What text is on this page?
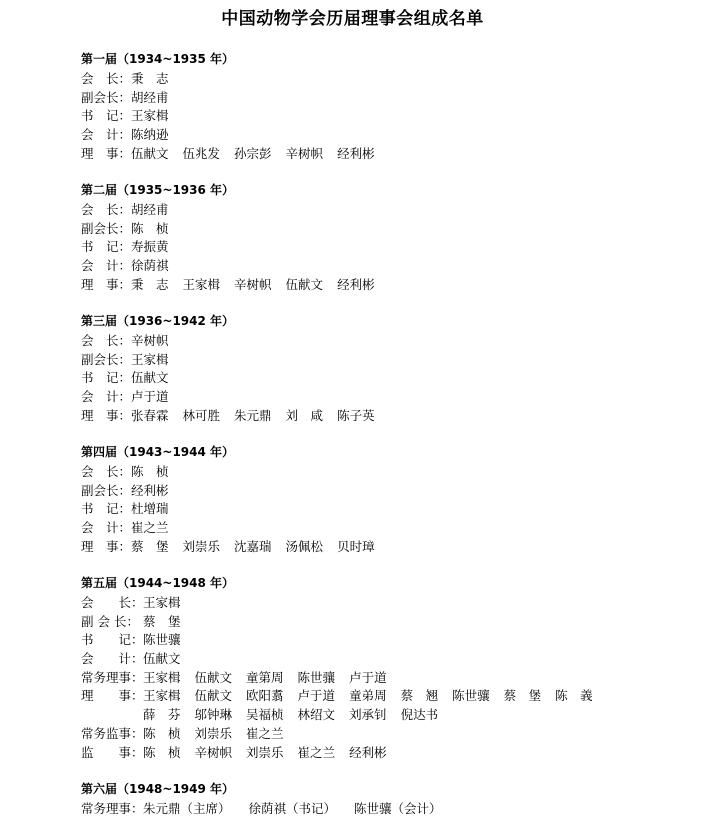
中国动物学会历届理事会组成名单
第一届（1934~1935 年）
会　长： 秉　志
副会长： 胡经甫
书　记： 王家楫
会　计： 陈纳逊
理　事： 伍献文 伍兆发 孙宗彭 辛树帜 经利彬
第二届（1935~1936 年）
会　长： 胡经甫
副会长： 陈　桢
书　记： 寿振黄
会　计： 徐荫祺
理　事： 秉　志 王家楫 辛树帜 伍献文 经利彬
第三届（1936~1942 年）
会　长： 辛树帜
副会长： 王家楫
书　记： 伍献文
会　计： 卢于道
理　事： 张春霖 林可胜 朱元鼎 刘　咸 陈子英
第四届（1943~1944 年）
会　长： 陈　桢
副会长： 经利彬
书　记： 杜增瑞
会　计： 崔之兰
理　事： 蔡　堡 刘崇乐 沈嘉瑞 汤佩松 贝时璋
第五届（1944~1948 年）
会　　长： 王家楫
副 会 长： 蔡　堡
书　　记： 陈世骧
会　　计： 伍献文
常务理事： 王家楫 伍献文 童第周 陈世骧 卢于道
理　　事： 王家楫 伍献文 欧阳翥 卢于道 童弟周 蔡　翘 陈世骧 蔡　堡 陈　義
薛　芬 邬钟琳 吴福桢 林绍文 刘承钊 倪达书
常务监事： 陈　桢 刘崇乐 崔之兰
监　　事： 陈　桢 辛树帜 刘崇乐 崔之兰 经利彬
第六届（1948~1949 年）
常务理事： 朱元鼎（主席） 徐荫祺（书记） 陈世骧（会计）
